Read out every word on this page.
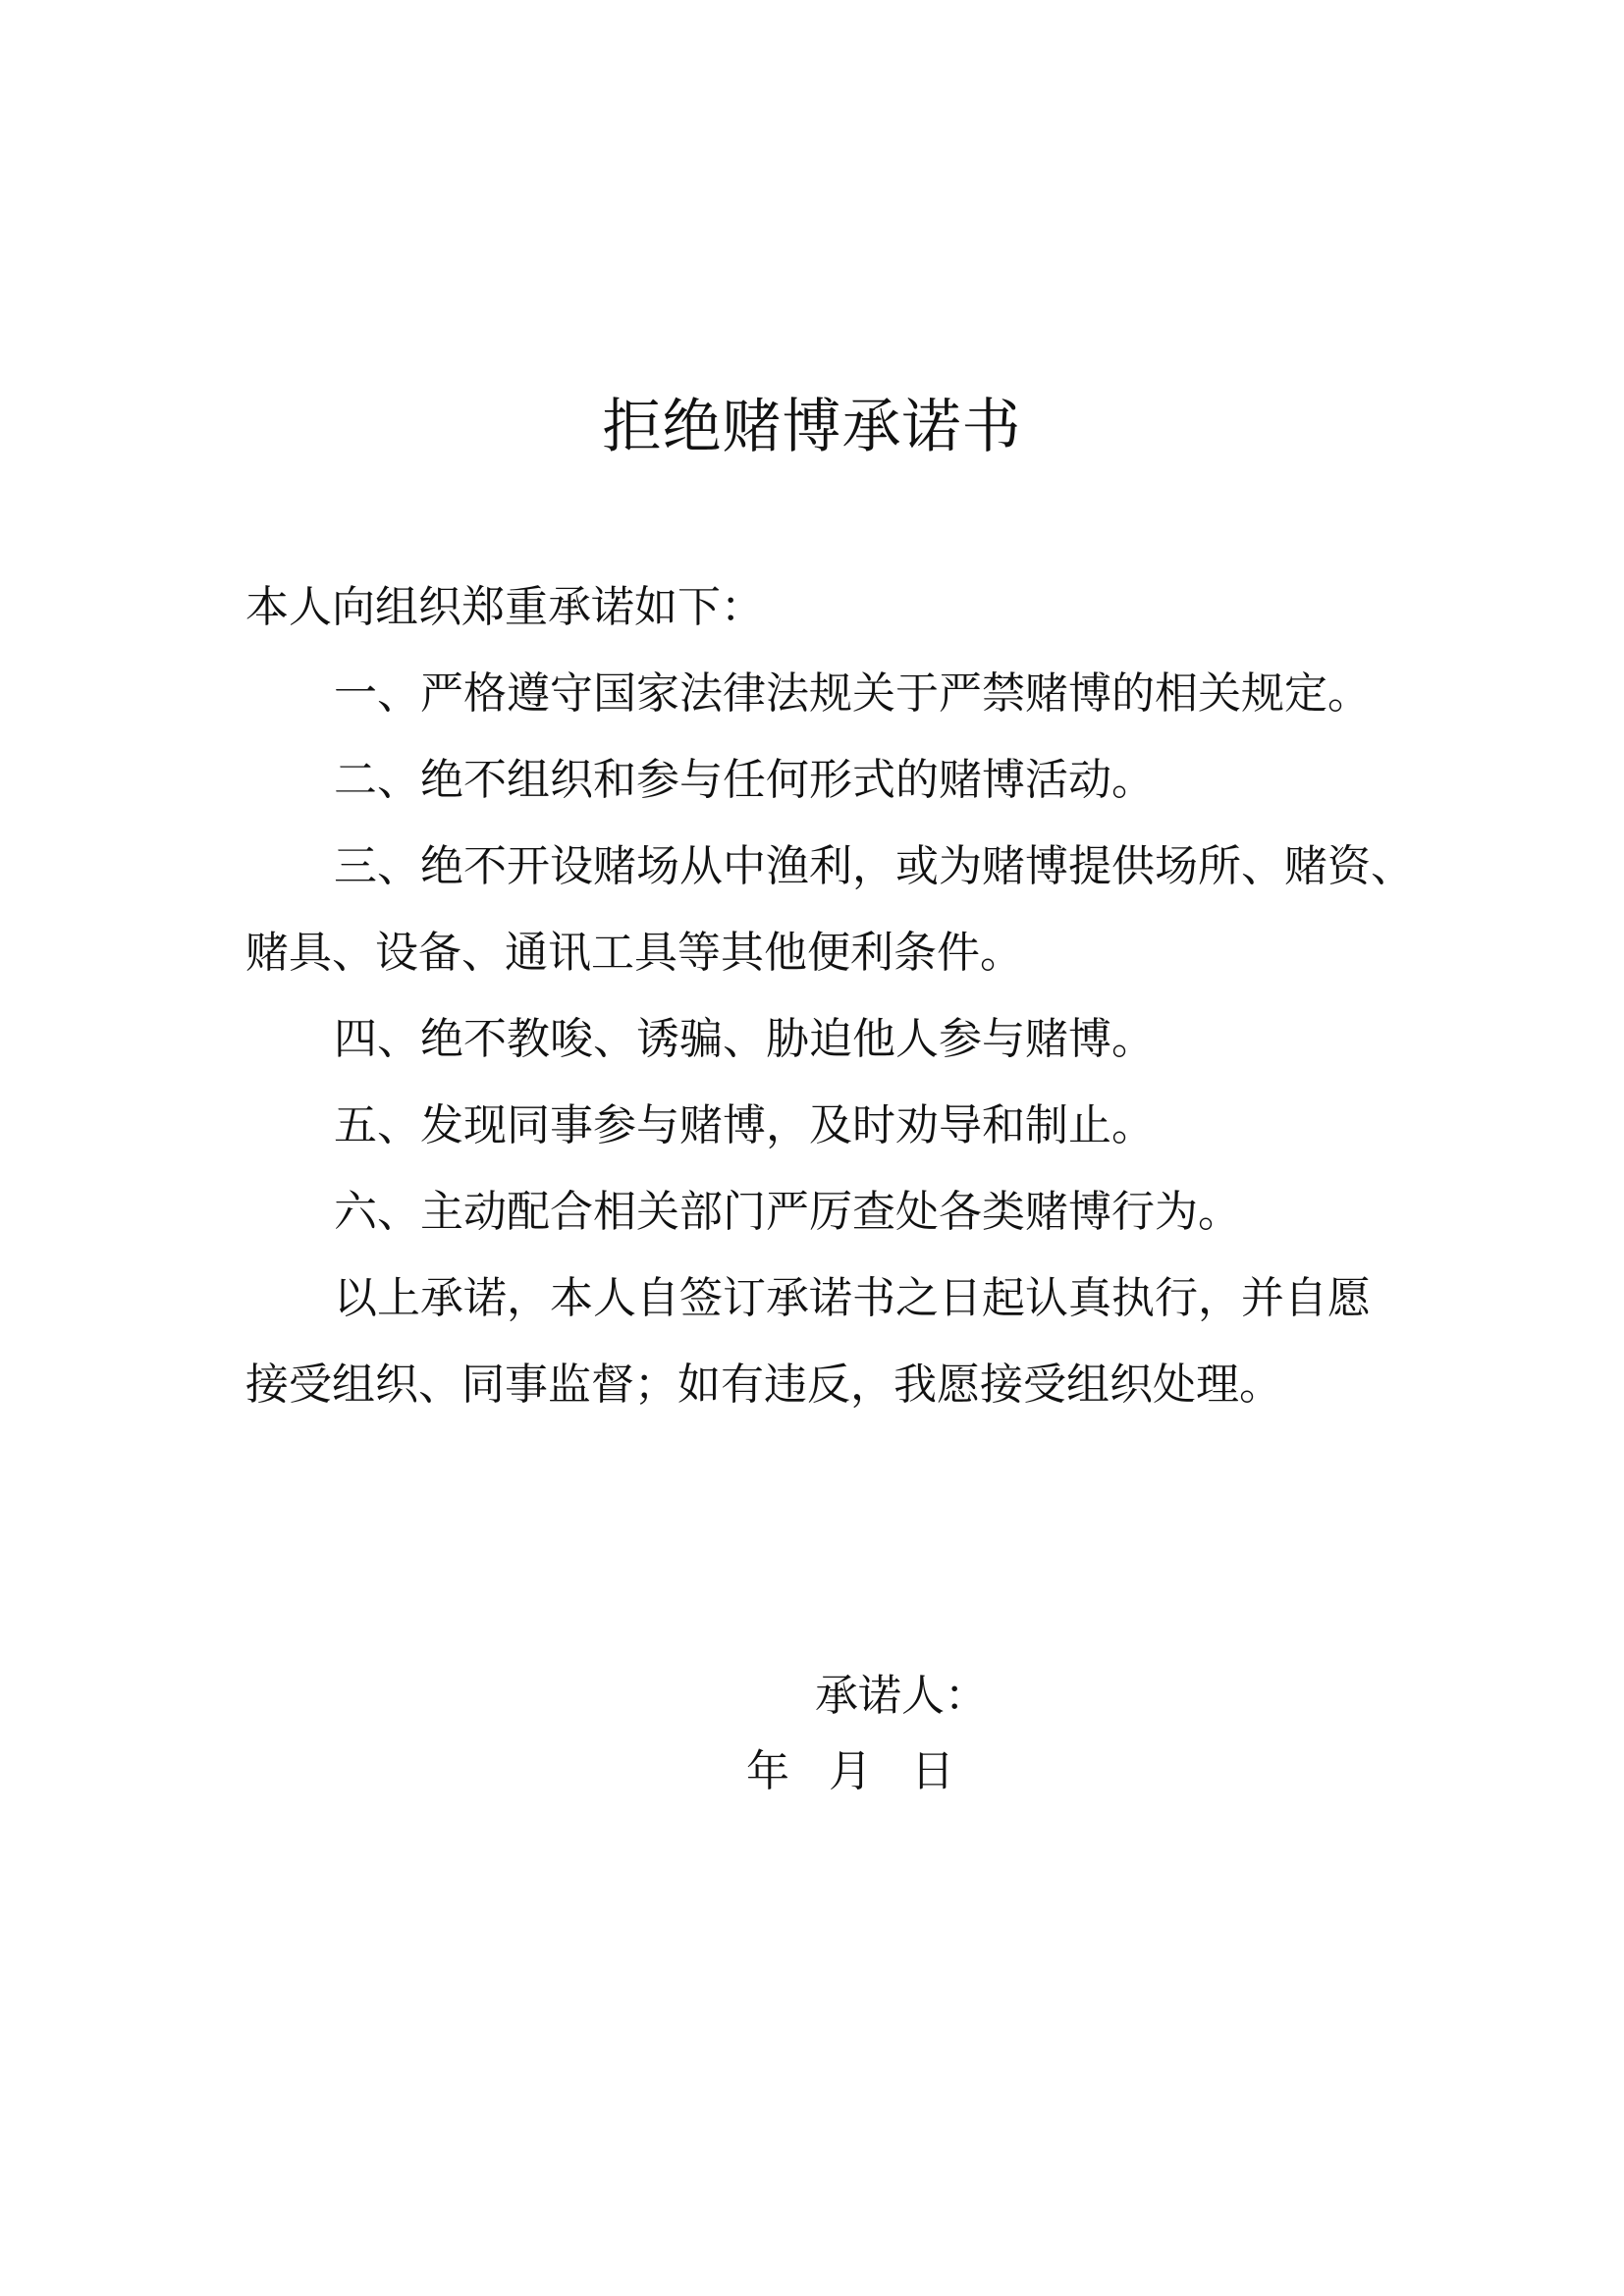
拒绝赌博承诺书

本人向组织郑重承诺如下：

一、严格遵守国家法律法规关于严禁赌博的相关规定。

二、绝不组织和参与任何形式的赌博活动。

三、绝不开设赌场从中渔利，或为赌博提供场所、赌资、

赌具、设备、通讯工具等其他便利条件。

四、绝不教唆、诱骗、胁迫他人参与赌博。

五、发现同事参与赌博，及时劝导和制止。

六、主动配合相关部门严厉查处各类赌博行为。

以上承诺，本人自签订承诺书之日起认真执行，并自愿

接受组织、同事监督；如有违反，我愿接受组织处理。

承诺人：
年 月 日
